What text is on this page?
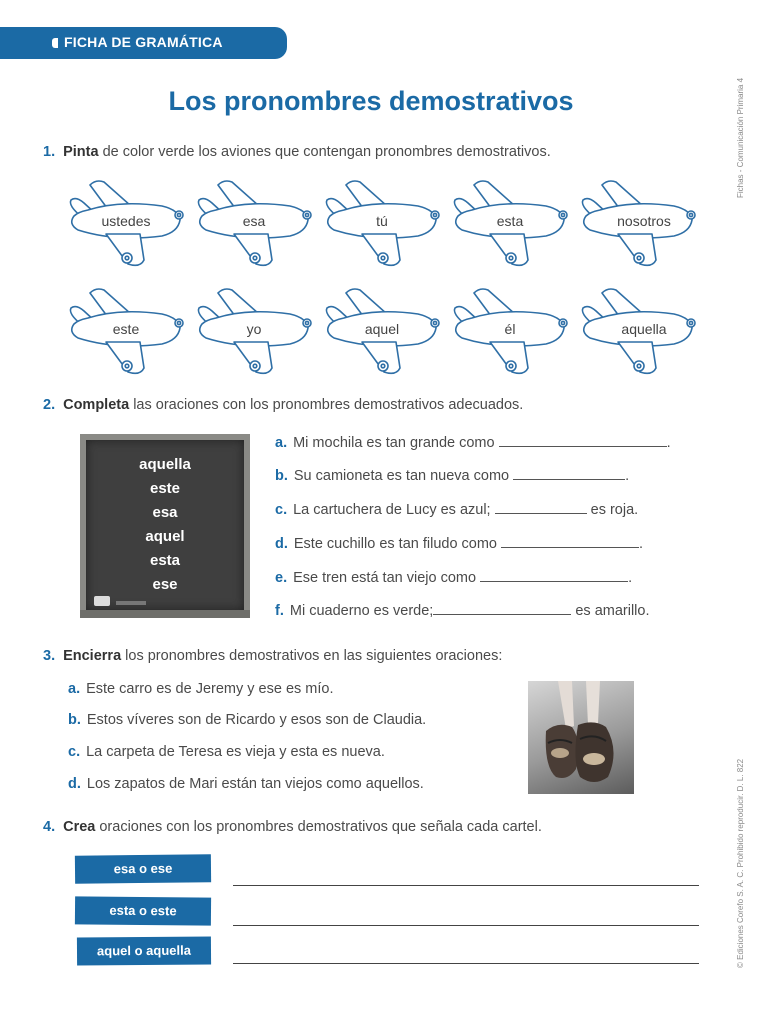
FICHA DE GRAMÁTICA
Los pronombres demostrativos	Fichas - Comunicación Primaria 4
© Ediciones Corefo S. A. C. Prohibido reproducir. D. L. 822
1. Pinta de color verde los aviones que contengan pronombres demostrativos.
ustedes	esa	tú	esta	nosotros
este	yo	aquel	él	aquella
2. Completa las oraciones con los pronombres demostrativos adecuados.
aquella
este
esa
aquel
esta
ese
a. Mi mochila es tan grande como	.
b. Su camioneta es tan nueva como	.
c. La cartuchera de Lucy es azul;	es roja.
d. Este cuchillo es tan filudo como	.
e. Ese tren está tan viejo como	.
f. Mi cuaderno es verde;	es amarillo.
3. Encierra los pronombres demostrativos en las siguientes oraciones:
a. Este carro es de Jeremy y ese es mío.
b. Estos víveres son de Ricardo y esos son de Claudia.
c. La carpeta de Teresa es vieja y esta es nueva.
d. Los zapatos de Mari están tan viejos como aquellos.
4. Crea oraciones con los pronombres demostrativos que señala cada cartel.
esa o ese
esta o este
aquel o aquella
